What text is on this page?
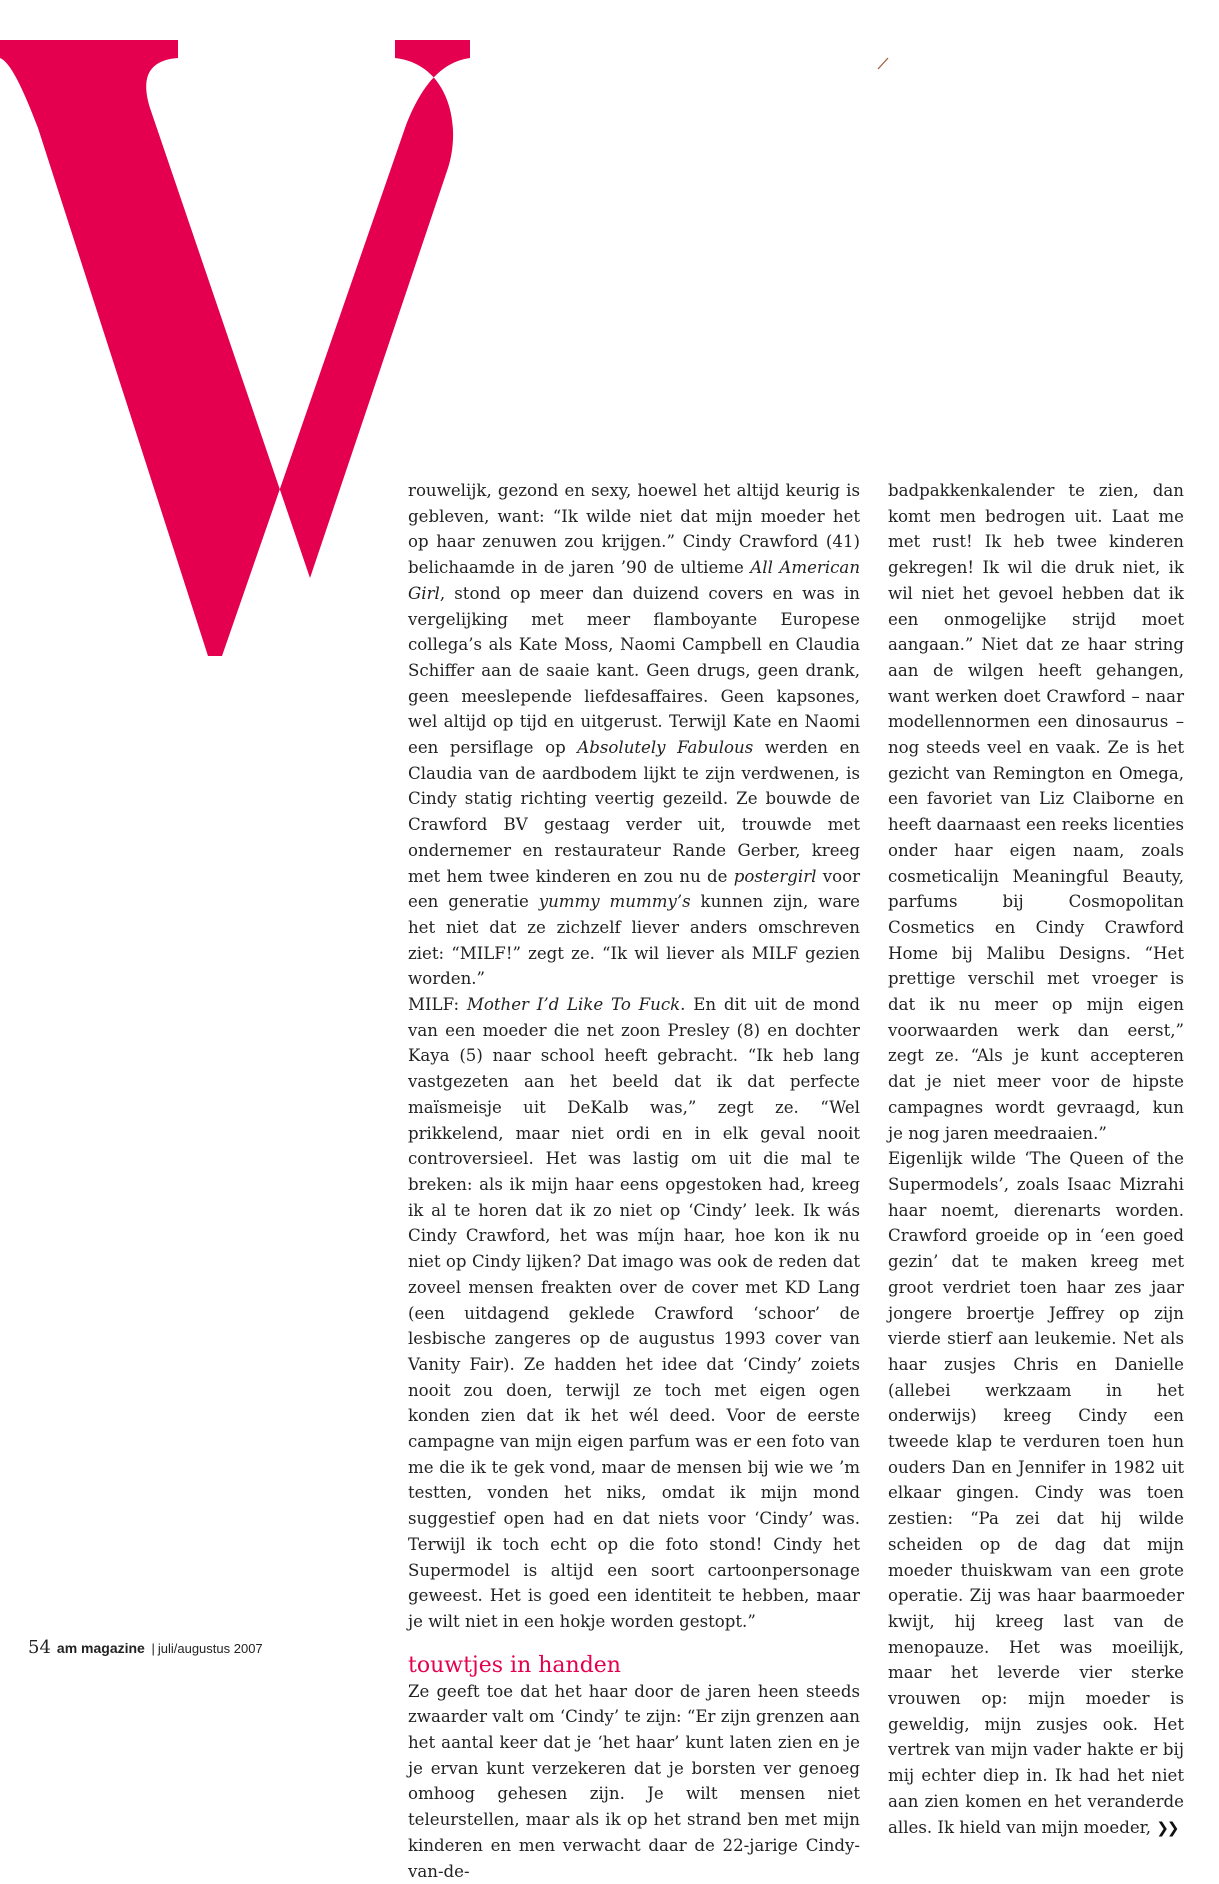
rouwelijk, gezond en sexy, hoewel het altijd keurig is gebleven, want: “Ik wilde niet dat mijn moeder het op haar zenuwen zou krijgen.” Cindy Crawford (41) belichaamde in de jaren ’90 de ultieme All American Girl, stond op meer dan duizend covers en was in vergelijking met meer flamboyante Europese collega’s als Kate Moss, Naomi Campbell en Claudia Schiffer aan de saaie kant. Geen drugs, geen drank, geen meeslepende liefdesaffaires. Geen kapsones, wel altijd op tijd en uitgerust. Terwijl Kate en Naomi een persiflage op Absolutely Fabulous werden en Claudia van de aardbodem lijkt te zijn verdwenen, is Cindy statig richting veertig gezeild. Ze bouwde de Crawford BV gestaag verder uit, trouwde met ondernemer en restaurateur Rande Gerber, kreeg met hem twee kinderen en zou nu de postergirl voor een generatie yummy mummy’s kunnen zijn, ware het niet dat ze zichzelf liever anders omschreven ziet: “MILF!” zegt ze. “Ik wil liever als MILF gezien worden.”

MILF: Mother I’d Like To Fuck. En dit uit de mond van een moeder die net zoon Presley (8) en dochter Kaya (5) naar school heeft gebracht. “Ik heb lang vastgezeten aan het beeld dat ik dat perfecte maïsmeisje uit DeKalb was,” zegt ze. “Wel prikkelend, maar niet ordi en in elk geval nooit controversieel. Het was lastig om uit die mal te breken: als ik mijn haar eens opgestoken had, kreeg ik al te horen dat ik zo niet op ‘Cindy’ leek. Ik wás Cindy Crawford, het was míjn haar, hoe kon ik nu niet op Cindy lijken? Dat imago was ook de reden dat zoveel mensen freakten over de cover met KD Lang (een uitdagend geklede Crawford ‘schoor’ de lesbische zangeres op de augustus 1993 cover van Vanity Fair). Ze hadden het idee dat ‘Cindy’ zoiets nooit zou doen, terwijl ze toch met eigen ogen konden zien dat ik het wél deed. Voor de eerste campagne van mijn eigen parfum was er een foto van me die ik te gek vond, maar de mensen bij wie we ’m testten, vonden het niks, omdat ik mijn mond suggestief open had en dat niets voor ‘Cindy’ was. Terwijl ik toch echt op die foto stond! Cindy het Supermodel is altijd een soort cartoonpersonage geweest. Het is goed een identiteit te hebben, maar je wilt niet in een hokje worden gestopt.”

touwtjes in handen

Ze geeft toe dat het haar door de jaren heen steeds zwaarder valt om ‘Cindy’ te zijn: “Er zijn grenzen aan het aantal keer dat je ‘het haar’ kunt laten zien en je je ervan kunt verzekeren dat je borsten ver genoeg omhoog gehesen zijn. Je wilt mensen niet teleurstellen, maar als ik op het strand ben met mijn kinderen en men verwacht daar de 22-jarige Cindy-van-de-

badpakkenkalender te zien, dan komt men bedrogen uit. Laat me met rust! Ik heb twee kinderen gekregen! Ik wil die druk niet, ik wil niet het gevoel hebben dat ik een onmogelijke strijd moet aangaan.” Niet dat ze haar string aan de wilgen heeft gehangen, want werken doet Crawford – naar modellennormen een dinosaurus – nog steeds veel en vaak. Ze is het gezicht van Remington en Omega, een favoriet van Liz Claiborne en heeft daarnaast een reeks licenties onder haar eigen naam, zoals cosmeticalijn Meaningful Beauty, parfums bij Cosmopolitan Cosmetics en Cindy Crawford Home bij Malibu Designs. “Het prettige verschil met vroeger is dat ik nu meer op mijn eigen voorwaarden werk dan eerst,” zegt ze. “Als je kunt accepteren dat je niet meer voor de hipste campagnes wordt gevraagd, kun je nog jaren meedraaien.”

Eigenlijk wilde ‘The Queen of the Supermodels’, zoals Isaac Mizrahi haar noemt, dierenarts worden. Crawford groeide op in ‘een goed gezin’ dat te maken kreeg met groot verdriet toen haar zes jaar jongere broertje Jeffrey op zijn vierde stierf aan leukemie. Net als haar zusjes Chris en Danielle (allebei werkzaam in het onderwijs) kreeg Cindy een tweede klap te verduren toen hun ouders Dan en Jennifer in 1982 uit elkaar gingen. Cindy was toen zestien: “Pa zei dat hij wilde scheiden op de dag dat mijn moeder thuiskwam van een grote operatie. Zij was haar baarmoeder kwijt, hij kreeg last van de menopauze. Het was moeilijk, maar het leverde vier sterke vrouwen op: mijn moeder is geweldig, mijn zusjes ook. Het vertrek van mijn vader hakte er bij mij echter diep in. Ik had het niet aan zien komen en het veranderde alles. Ik hield van mijn moeder, ❯❯

54 am magazine | juli/augustus 2007
